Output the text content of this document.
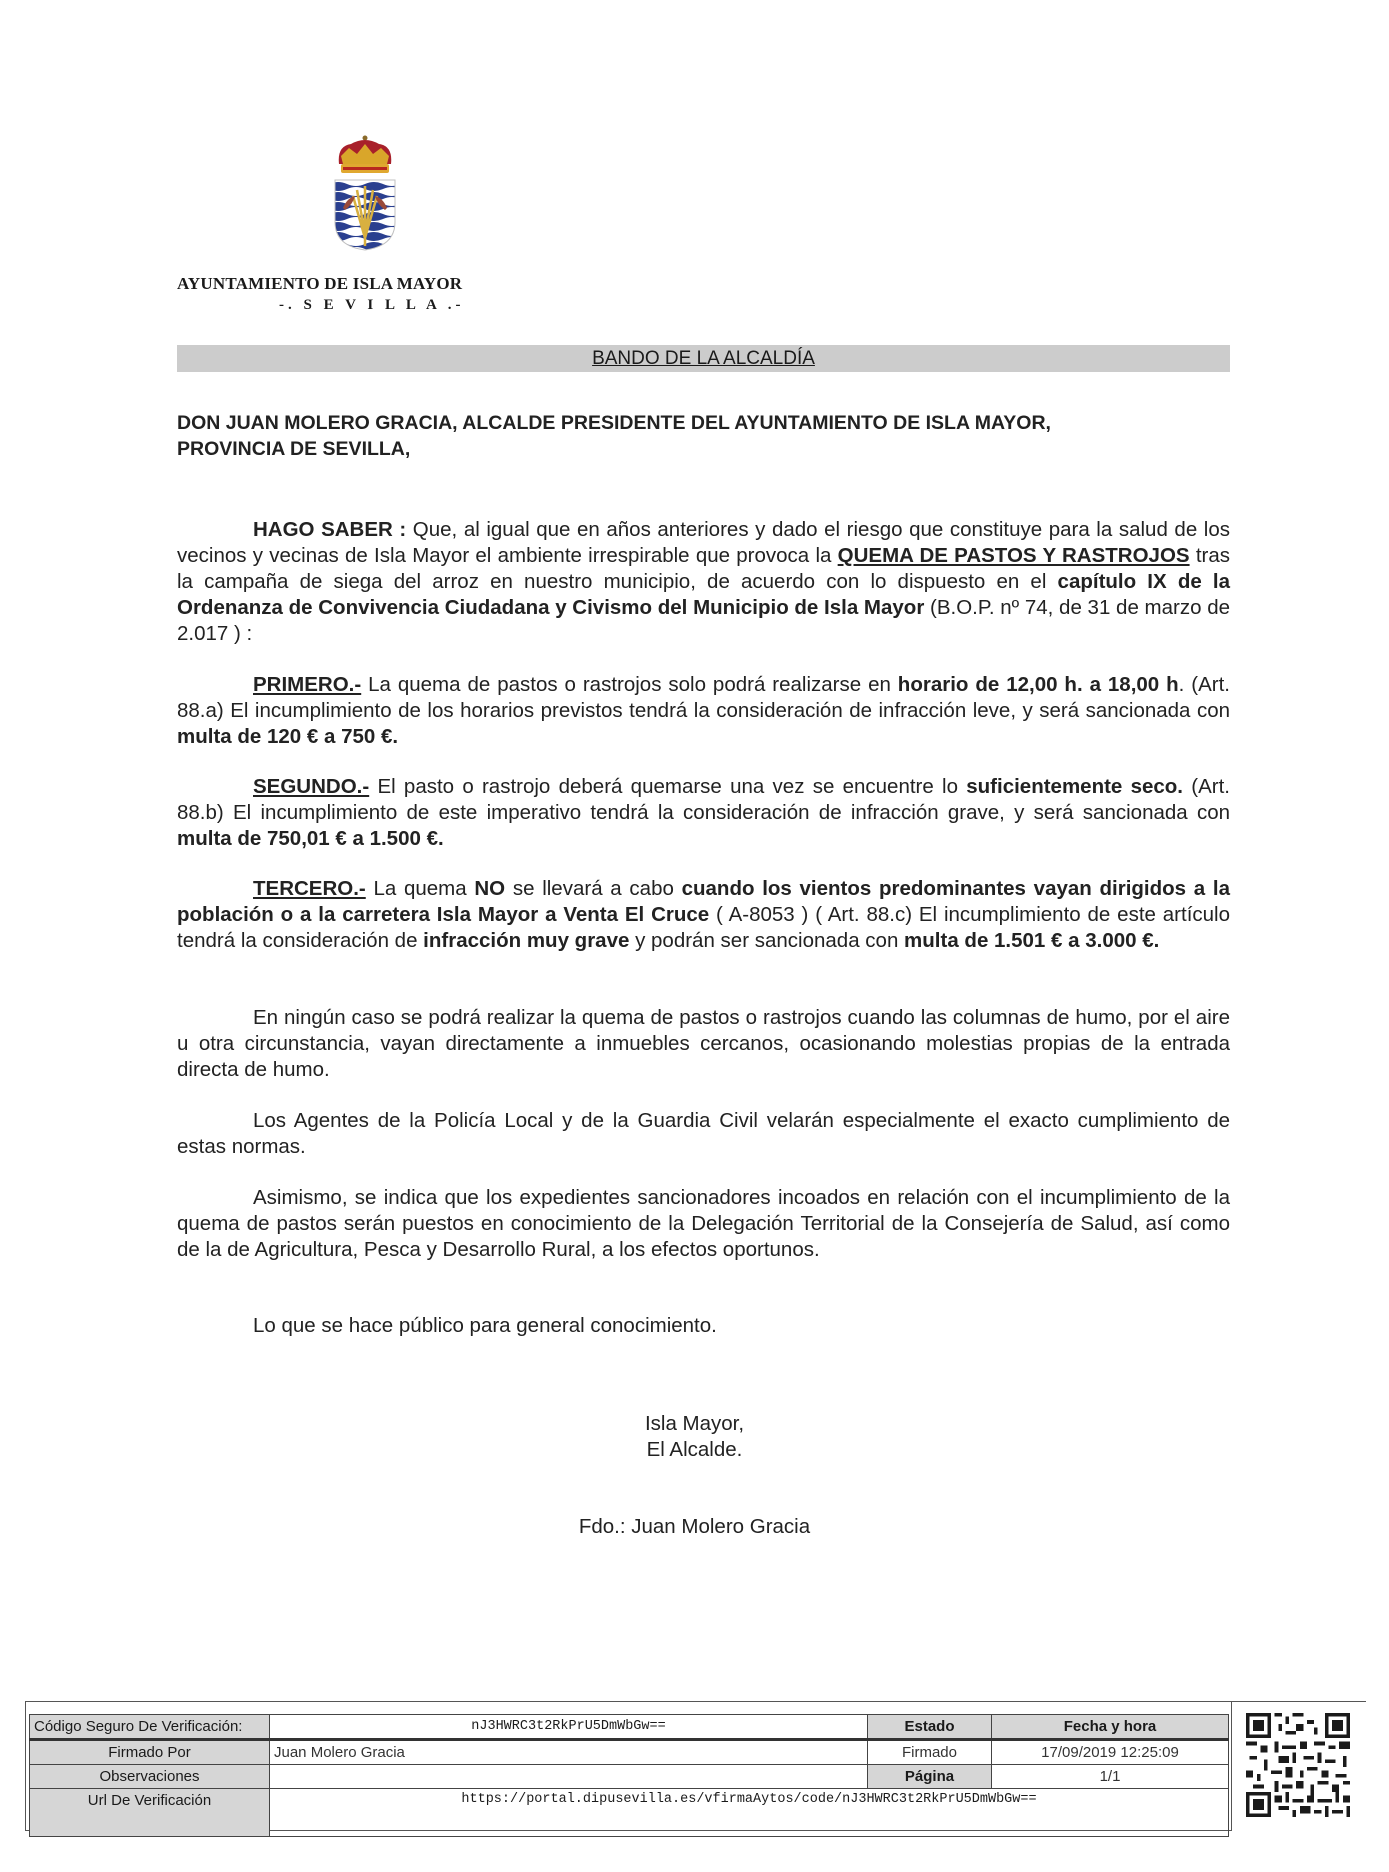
AYUNTAMIENTO DE ISLA MAYOR
-. S E V I L L A .-
BANDO DE LA ALCALDÍA
DON JUAN MOLERO GRACIA, ALCALDE PRESIDENTE DEL AYUNTAMIENTO DE ISLA MAYOR,
PROVINCIA DE SEVILLA,
HAGO SABER : Que, al igual que en años anteriores y dado el riesgo que constituye para la salud de los vecinos y vecinas de Isla Mayor el ambiente irrespirable que provoca la QUEMA DE PASTOS Y RASTROJOS tras la campaña de siega del arroz en nuestro municipio, de acuerdo con lo dispuesto en el capítulo IX de la Ordenanza de Convivencia Ciudadana y Civismo del Municipio de Isla Mayor (B.O.P. nº 74, de 31 de marzo de 2.017 ) :
PRIMERO.- La quema de pastos o rastrojos solo podrá realizarse en horario de 12,00 h. a 18,00 h. (Art. 88.a) El incumplimiento de los horarios previstos tendrá la consideración de infracción leve, y será sancionada con multa de 120 € a 750 €.
SEGUNDO.- El pasto o rastrojo deberá quemarse una vez se encuentre lo suficientemente seco. (Art. 88.b) El incumplimiento de este imperativo tendrá la consideración de infracción grave, y será sancionada con multa de 750,01 € a 1.500 €.
TERCERO.- La quema NO se llevará a cabo cuando los vientos predominantes vayan dirigidos a la población o a la carretera Isla Mayor a Venta El Cruce ( A-8053 ) ( Art. 88.c) El incumplimiento de este artículo tendrá la consideración de infracción muy grave y podrán ser sancionada con multa de 1.501 € a 3.000 €.
En ningún caso se podrá realizar la quema de pastos o rastrojos cuando las columnas de humo, por el aire u otra circunstancia, vayan directamente a inmuebles cercanos, ocasionando molestias propias de la entrada directa de humo.
Los Agentes de la Policía Local y de la Guardia Civil velarán especialmente el exacto cumplimiento de estas normas.
Asimismo, se indica que los expedientes sancionadores incoados en relación con el incumplimiento de la quema de pastos serán puestos en conocimiento de la Delegación Territorial de la Consejería de Salud, así como de la de Agricultura, Pesca y Desarrollo Rural, a los efectos oportunos.
Lo que se hace público para general conocimiento.
Isla Mayor,
El Alcalde.
Fdo.: Juan Molero Gracia
Código Seguro De Verificación:	nJ3HWRC3t2RkPrU5DmWbGw==	Estado	Fecha y hora
Firmado Por	Juan Molero Gracia	Firmado	17/09/2019 12:25:09
Observaciones		Página	1/1
Url De Verificación	https://portal.dipusevilla.es/vfirmaAytos/code/nJ3HWRC3t2RkPrU5DmWbGw==		
